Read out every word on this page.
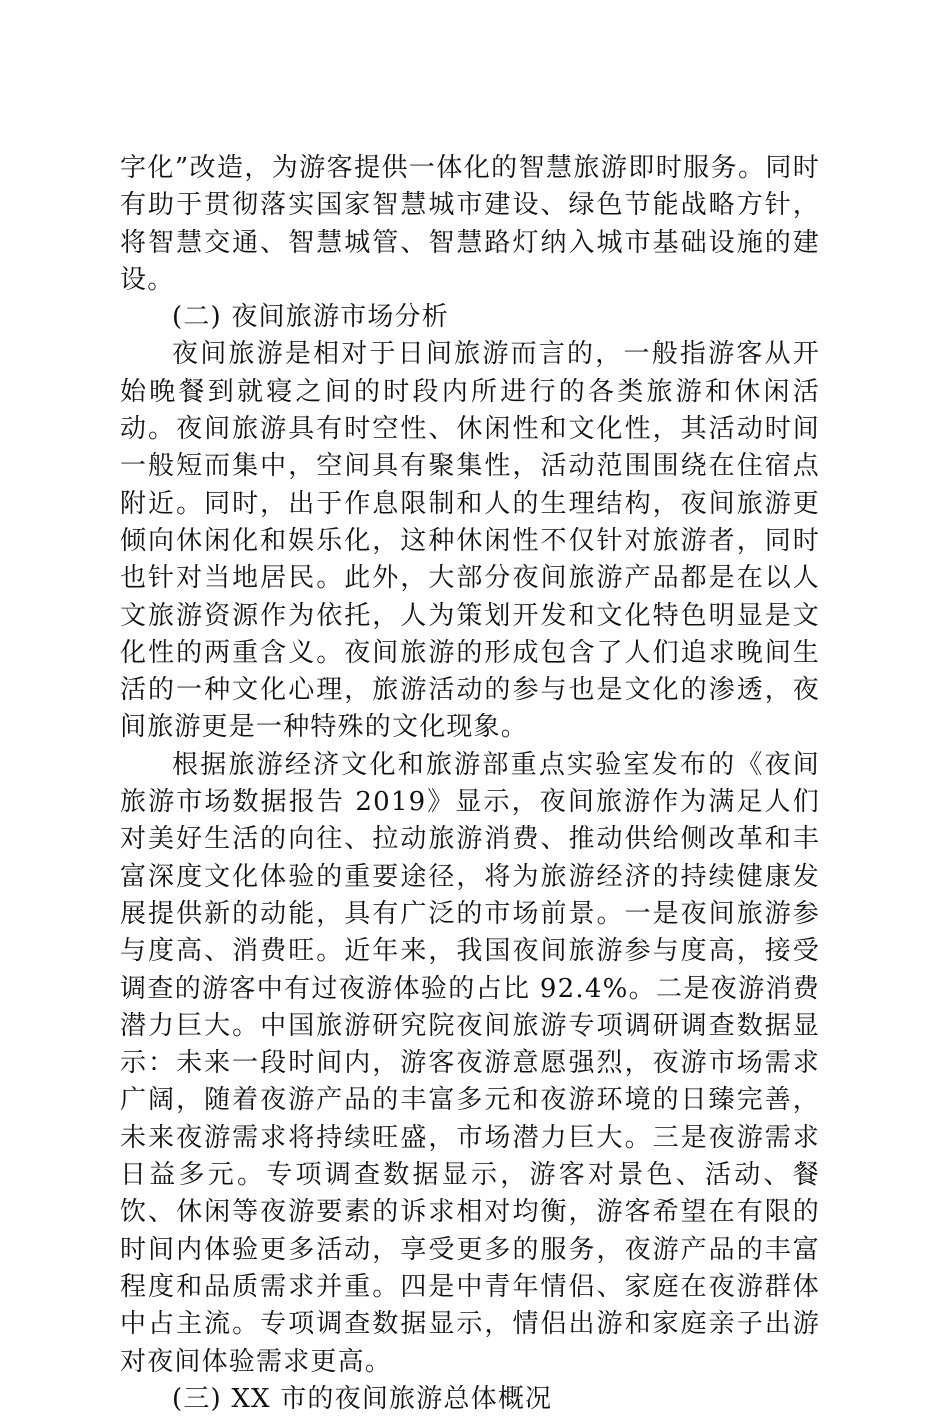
字化”改造，为游客提供一体化的智慧旅游即时服务。同时有助于贯彻落实国家智慧城市建设、绿色节能战略方针，将智慧交通、智慧城管、智慧路灯纳入城市基础设施的建设。

(二) 夜间旅游市场分析

夜间旅游是相对于日间旅游而言的，一般指游客从开始晚餐到就寝之间的时段内所进行的各类旅游和休闲活动。夜间旅游具有时空性、休闲性和文化性，其活动时间一般短而集中，空间具有聚集性，活动范围围绕在住宿点附近。同时，出于作息限制和人的生理结构，夜间旅游更倾向休闲化和娱乐化，这种休闲性不仅针对旅游者，同时也针对当地居民。此外，大部分夜间旅游产品都是在以人文旅游资源作为依托，人为策划开发和文化特色明显是文化性的两重含义。夜间旅游的形成包含了人们追求晚间生活的一种文化心理，旅游活动的参与也是文化的渗透，夜间旅游更是一种特殊的文化现象。

根据旅游经济文化和旅游部重点实验室发布的《夜间旅游市场数据报告 2019》显示，夜间旅游作为满足人们对美好生活的向往、拉动旅游消费、推动供给侧改革和丰富深度文化体验的重要途径，将为旅游经济的持续健康发展提供新的动能，具有广泛的市场前景。一是夜间旅游参与度高、消费旺。近年来，我国夜间旅游参与度高，接受调查的游客中有过夜游体验的占比 92.4%。二是夜游消费潜力巨大。中国旅游研究院夜间旅游专项调研调查数据显示：未来一段时间内，游客夜游意愿强烈，夜游市场需求广阔，随着夜游产品的丰富多元和夜游环境的日臻完善，未来夜游需求将持续旺盛，市场潜力巨大。三是夜游需求日益多元。专项调查数据显示，游客对景色、活动、餐饮、休闲等夜游要素的诉求相对均衡，游客希望在有限的时间内体验更多活动，享受更多的服务，夜游产品的丰富程度和品质需求并重。四是中青年情侣、家庭在夜游群体中占主流。专项调查数据显示，情侣出游和家庭亲子出游对夜间体验需求更高。

(三) XX 市的夜间旅游总体概况
